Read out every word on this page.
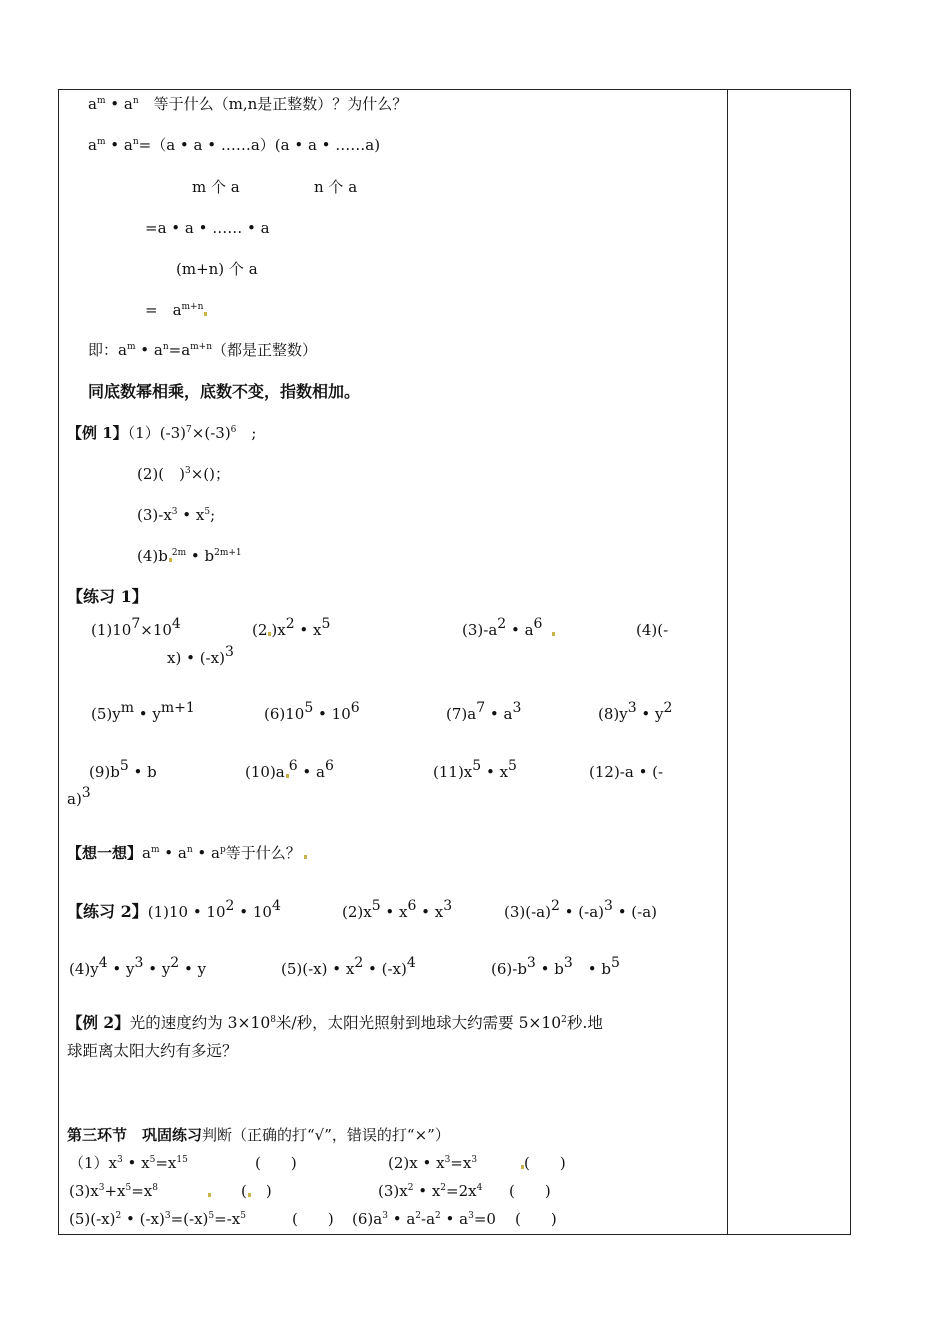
$a^m$ • $a^n$　等于什么（m,n是正整数）？为什么？
$a^m$ • $a^n=(a$ • a • ……a）(a • a • ……a)
m 个 a	n 个 a
=a • a • …… • a
(m+n) 个 a
=　$a^{m+n}$
即：$a^m$ • $a^n=a^{m+n}$（都是正整数）
同底数幂相乘，底数不变，指数相加。
【例 1】$(1)(-3)^7\times(-3)^6$　;
(2)(　)$^3$×()；
$(3)-x^3$ • $x^5$;
(4)b $^{2m}$ • $b^{2m+1}$
【练习 1】
$(1)10^7\times 10^4$	(2 )$x^2$ • $x^5$	$(3)-a^2$ • $a^6$	(4)(-
x) • $(-x)^3$
$(5)y^m$ • $y^{m+1}$	$(6)10^5$ • $10^6$	$(7)a^7$ • $a^3$	$(8)y^3$ • $y^2$
$(9)b^5$ • b	(10)a $^6$ • $a^6$	$(11)x^5$ • $x^5$	(12)-a • (-
a)$^3$
【想一想】$a^m$ • $a^n$ • $a^p$等于什么？
【练习 2】(1)10 • $10^2$ • $10^4$	$(2)x^5$ • $x^6$ • $x^3$	$(3)(-a)^2$ • $(-a)^3$ • (-a)
$(4)y^4$ • $y^3$ • $y^2$ • y	(5)(-x) • $x^2$ • $(-x)^4$	$(6)-b^3$ • $b^3$　• $b^5$
【例 2】光的速度约为 $3\times 10^8$米/秒，太阳光照射到地球大约需要 $5\times 10^2$秒.地
球距离太阳大约有多远？
第三环节　巩固练习判断（正确的打“√”，错误的打“×”）
$(1)x^3$ • $x^5=x^{15}$	(　　)	(2)x • $x^3=x^3$	(　　)
$(3)x^3+x^5=x^8$	(　)	$(3)x^2$ • $x^2=2x^4$ (　　)
$(5)(-x)^2$ • $(-x)^3=(-x)^5=-x^5$	(　　) $(6)a^3$ • $a^2-a^2$ • $a^3=0$ (　　)
